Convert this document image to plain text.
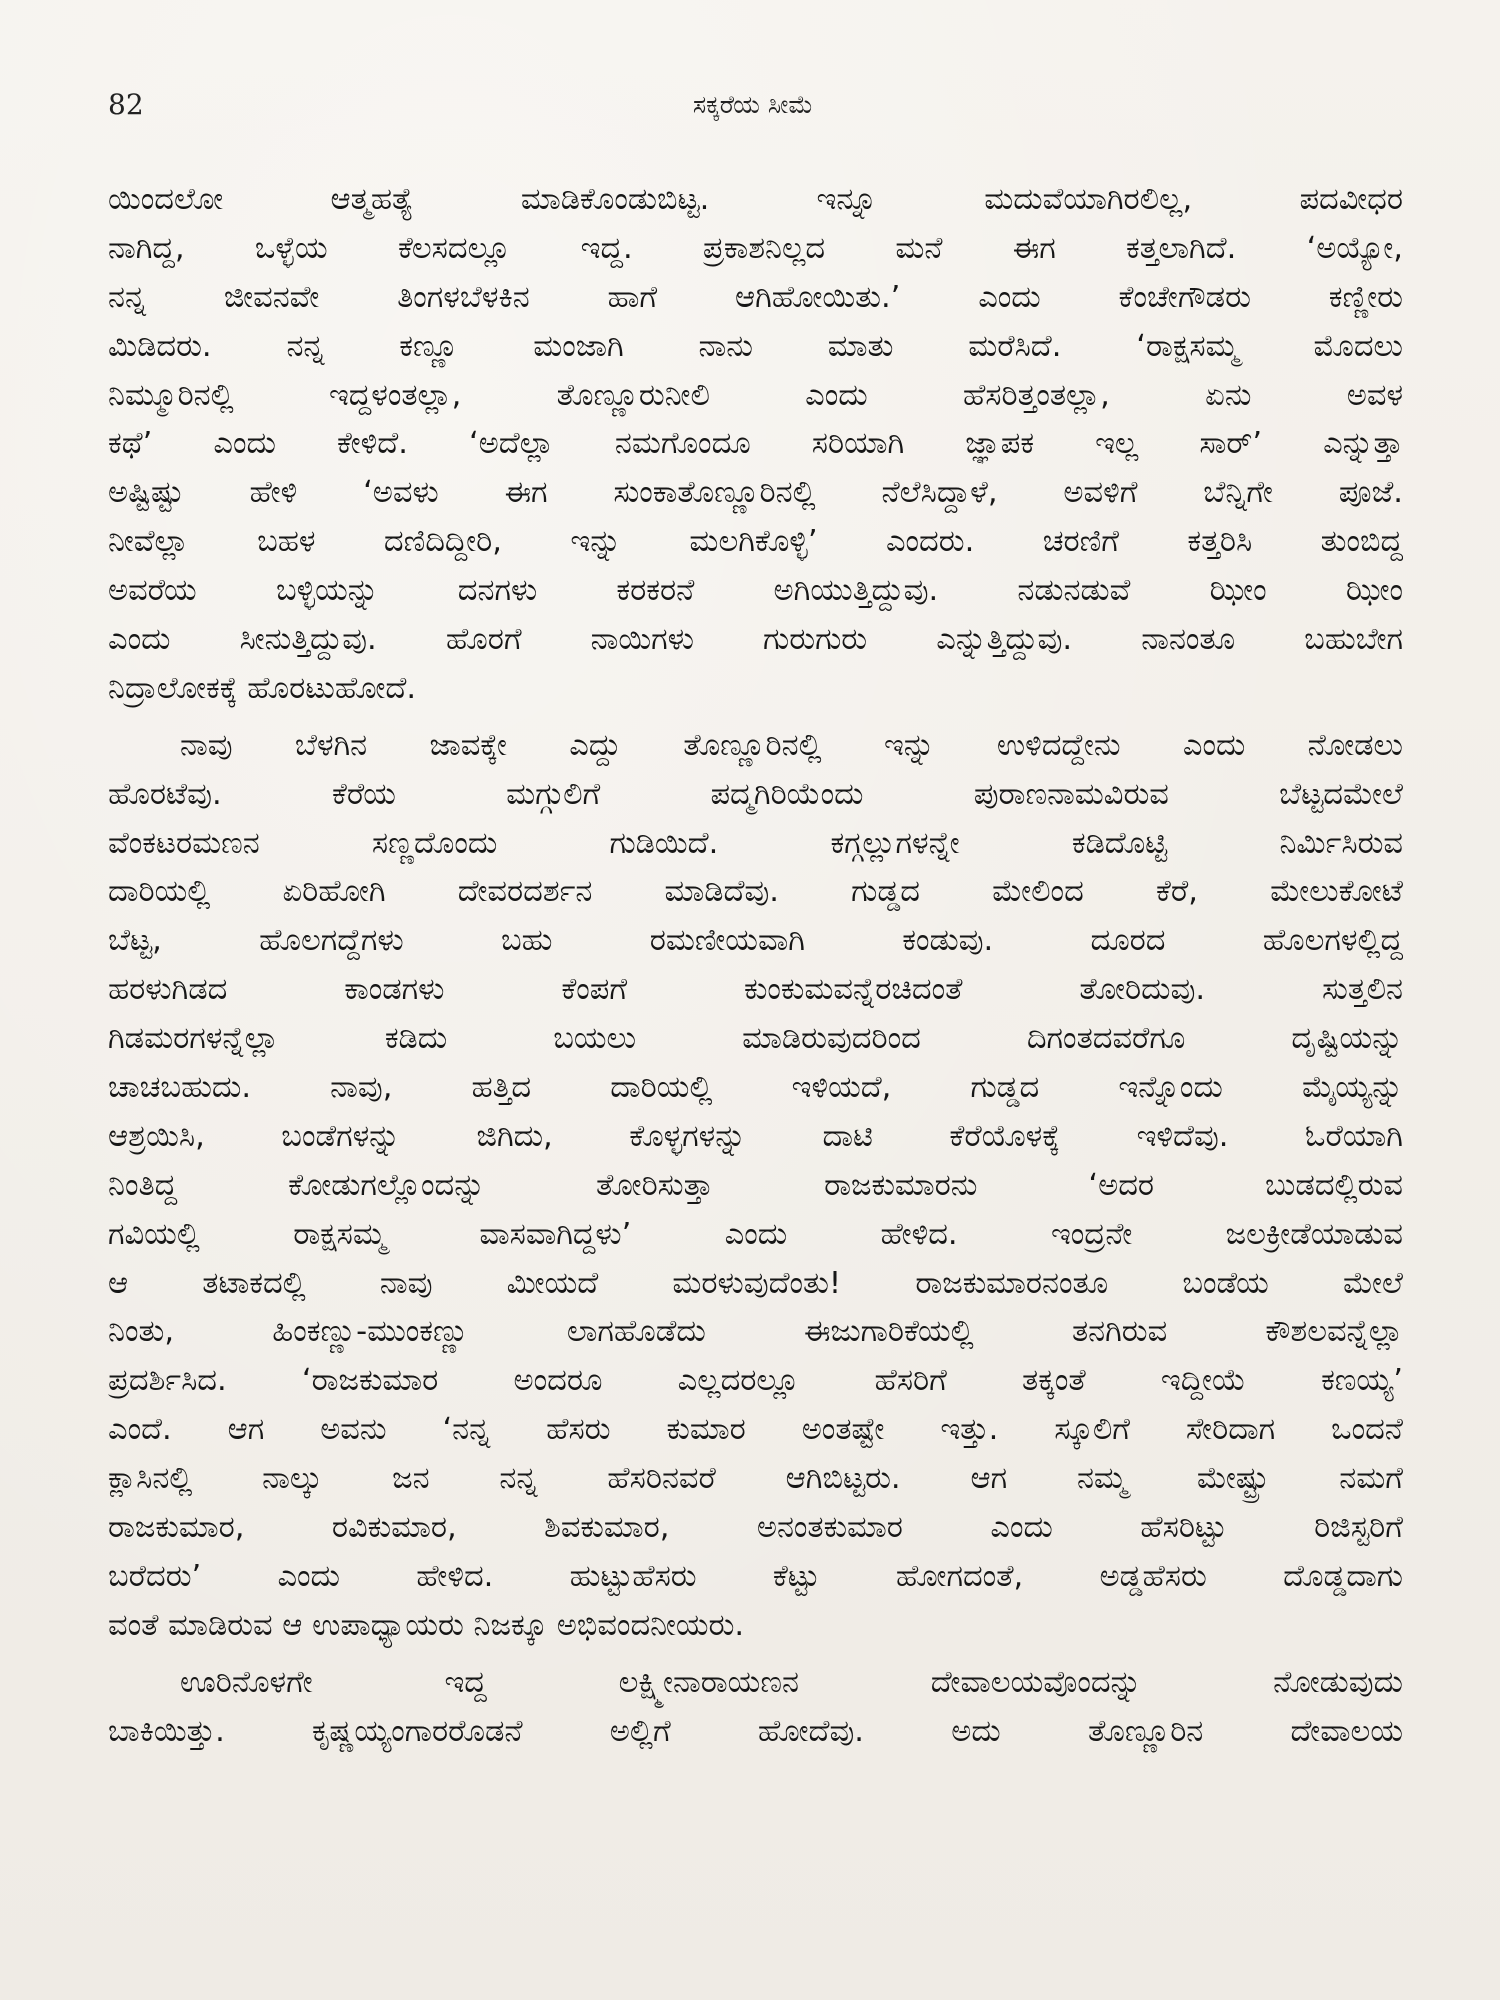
82	ಸಕ್ಕರೆಯ ಸೀಮೆ
ಯಿಂದಲೋ ಆತ್ಮಹತ್ಯೆ ಮಾಡಿಕೊಂಡುಬಿಟ್ಟ. ಇನ್ನೂ ಮದುವೆಯಾಗಿರಲಿಲ್ಲ, ಪದವೀಧರ
ನಾಗಿದ್ದ, ಒಳ್ಳೆಯ ಕೆಲಸದಲ್ಲೂ ಇದ್ದ. ಪ್ರಕಾಶನಿಲ್ಲದ ಮನೆ ಈಗ ಕತ್ತಲಾಗಿದೆ. ‘ಅಯ್ಯೋ,
ನನ್ನ ಜೀವನವೇ ತಿಂಗಳಬೆಳಕಿನ ಹಾಗೆ ಆಗಿಹೋಯಿತು.’ ಎಂದು ಕೆಂಚೇಗೌಡರು ಕಣ್ಣೀರು
ಮಿಡಿದರು. ನನ್ನ ಕಣ್ಣೂ ಮಂಜಾಗಿ ನಾನು ಮಾತು ಮರೆಸಿದೆ. ‘ರಾಕ್ಷಸಮ್ಮ ಮೊದಲು
ನಿಮ್ಮೂರಿನಲ್ಲಿ ಇದ್ದಳಂತಲ್ಲಾ, ತೊಣ್ಣೂರುನೀಲಿ ಎಂದು ಹೆಸರಿತ್ತಂತಲ್ಲಾ, ಏನು ಅವಳ
ಕಥೆ’ ಎಂದು ಕೇಳಿದೆ. ‘ಅದೆಲ್ಲಾ ನಮಗೊಂದೂ ಸರಿಯಾಗಿ ಜ್ಞಾಪಕ ಇಲ್ಲ ಸಾರ್’ ಎನ್ನುತ್ತಾ
ಅಷ್ಟಿಷ್ಟು ಹೇಳಿ ‘ಅವಳು ಈಗ ಸುಂಕಾತೊಣ್ಣೂರಿನಲ್ಲಿ ನೆಲೆಸಿದ್ದಾಳೆ, ಅವಳಿಗೆ ಬೆನ್ನಿಗೇ ಪೂಜೆ.
ನೀವೆಲ್ಲಾ ಬಹಳ ದಣಿದಿದ್ದೀರಿ, ಇನ್ನು ಮಲಗಿಕೊಳ್ಳಿ’ ಎಂದರು. ಚರಣಿಗೆ ಕತ್ತರಿಸಿ ತುಂಬಿದ್ದ
ಅವರೆಯ ಬಳ್ಳಿಯನ್ನು ದನಗಳು ಕರಕರನೆ ಅಗಿಯುತ್ತಿದ್ದುವು. ನಡುನಡುವೆ ಝೀಂ ಝೀಂ
ಎಂದು ಸೀನುತ್ತಿದ್ದುವು. ಹೊರಗೆ ನಾಯಿಗಳು ಗುರುಗುರು ಎನ್ನುತ್ತಿದ್ದುವು. ನಾನಂತೂ ಬಹುಬೇಗ
ನಿದ್ರಾಲೋಕಕ್ಕೆ ಹೊರಟುಹೋದೆ.
ನಾವು ಬೆಳಗಿನ ಜಾವಕ್ಕೇ ಎದ್ದು ತೊಣ್ಣೂರಿನಲ್ಲಿ ಇನ್ನು ಉಳಿದದ್ದೇನು ಎಂದು ನೋಡಲು
ಹೊರಟೆವು. ಕೆರೆಯ ಮಗ್ಗುಲಿಗೆ ಪದ್ಮಗಿರಿಯೆಂದು ಪುರಾಣನಾಮವಿರುವ ಬೆಟ್ಟದಮೇಲೆ
ವೆಂಕಟರಮಣನ ಸಣ್ಣದೊಂದು ಗುಡಿಯಿದೆ. ಕಗ್ಗಲ್ಲುಗಳನ್ನೇ ಕಡಿದೊಟ್ಟಿ ನಿರ್ಮಿಸಿರುವ
ದಾರಿಯಲ್ಲಿ ಏರಿಹೋಗಿ ದೇವರದರ್ಶನ ಮಾಡಿದೆವು. ಗುಡ್ಡದ ಮೇಲಿಂದ ಕೆರೆ, ಮೇಲುಕೋಟೆ
ಬೆಟ್ಟ, ಹೊಲಗದ್ದೆಗಳು ಬಹು ರಮಣೀಯವಾಗಿ ಕಂಡುವು. ದೂರದ ಹೊಲಗಳಲ್ಲಿದ್ದ
ಹರಳುಗಿಡದ ಕಾಂಡಗಳು ಕೆಂಪಗೆ ಕುಂಕುಮವನ್ನೆರಚಿದಂತೆ ತೋರಿದುವು. ಸುತ್ತಲಿನ
ಗಿಡಮರಗಳನ್ನೆಲ್ಲಾ ಕಡಿದು ಬಯಲು ಮಾಡಿರುವುದರಿಂದ ದಿಗಂತದವರೆಗೂ ದೃಷ್ಟಿಯನ್ನು
ಚಾಚಬಹುದು. ನಾವು, ಹತ್ತಿದ ದಾರಿಯಲ್ಲಿ ಇಳಿಯದೆ, ಗುಡ್ಡದ ಇನ್ನೊಂದು ಮೈಯ್ಯನ್ನು
ಆಶ್ರಯಿಸಿ, ಬಂಡೆಗಳನ್ನು ಜಿಗಿದು, ಕೊಳ್ಳಗಳನ್ನು ದಾಟಿ ಕೆರೆಯೊಳಕ್ಕೆ ಇಳಿದೆವು. ಓರೆಯಾಗಿ
ನಿಂತಿದ್ದ ಕೋಡುಗಲ್ಲೊಂದನ್ನು ತೋರಿಸುತ್ತಾ ರಾಜಕುಮಾರನು ‘ಅದರ ಬುಡದಲ್ಲಿರುವ
ಗವಿಯಲ್ಲಿ ರಾಕ್ಷಸಮ್ಮ ವಾಸವಾಗಿದ್ದಳು’ ಎಂದು ಹೇಳಿದ. ಇಂದ್ರನೇ ಜಲಕ್ರೀಡೆಯಾಡುವ
ಆ ತಟಾಕದಲ್ಲಿ ನಾವು ಮೀಯದೆ ಮರಳುವುದೆಂತು! ರಾಜಕುಮಾರನಂತೂ ಬಂಡೆಯ ಮೇಲೆ
ನಿಂತು, ಹಿಂಕಣ್ಣು-ಮುಂಕಣ್ಣು ಲಾಗಹೊಡೆದು ಈಜುಗಾರಿಕೆಯಲ್ಲಿ ತನಗಿರುವ ಕೌಶಲವನ್ನೆಲ್ಲಾ
ಪ್ರದರ್ಶಿಸಿದ. ‘ರಾಜಕುಮಾರ ಅಂದರೂ ಎಲ್ಲದರಲ್ಲೂ ಹೆಸರಿಗೆ ತಕ್ಕಂತೆ ಇದ್ದೀಯೆ ಕಣಯ್ಯ’
ಎಂದೆ. ಆಗ ಅವನು ‘ನನ್ನ ಹೆಸರು ಕುಮಾರ ಅಂತಷ್ಟೇ ಇತ್ತು. ಸ್ಕೂಲಿಗೆ ಸೇರಿದಾಗ ಒಂದನೆ
ಕ್ಲಾಸಿನಲ್ಲಿ ನಾಲ್ಕು ಜನ ನನ್ನ ಹೆಸರಿನವರೆ ಆಗಿಬಿಟ್ಟರು. ಆಗ ನಮ್ಮ ಮೇಷ್ಟ್ರು ನಮಗೆ
ರಾಜಕುಮಾರ, ರವಿಕುಮಾರ, ಶಿವಕುಮಾರ, ಅನಂತಕುಮಾರ ಎಂದು ಹೆಸರಿಟ್ಟು ರಿಜಿಸ್ಟರಿಗೆ
ಬರೆದರು’ ಎಂದು ಹೇಳಿದ. ಹುಟ್ಟುಹೆಸರು ಕೆಟ್ಟು ಹೋಗದಂತೆ, ಅಡ್ಡಹೆಸರು ದೊಡ್ಡದಾಗು
ವಂತೆ ಮಾಡಿರುವ ಆ ಉಪಾಧ್ಯಾಯರು ನಿಜಕ್ಕೂ ಅಭಿವಂದನೀಯರು.
ಊರಿನೊಳಗೇ ಇದ್ದ ಲಕ್ಷ್ಮೀನಾರಾಯಣನ ದೇವಾಲಯವೊಂದನ್ನು ನೋಡುವುದು
ಬಾಕಿಯಿತ್ತು. ಕೃಷ್ಣಯ್ಯಂಗಾರರೊಡನೆ ಅಲ್ಲಿಗೆ ಹೋದೆವು. ಅದು ತೊಣ್ಣೂರಿನ ದೇವಾಲಯ
